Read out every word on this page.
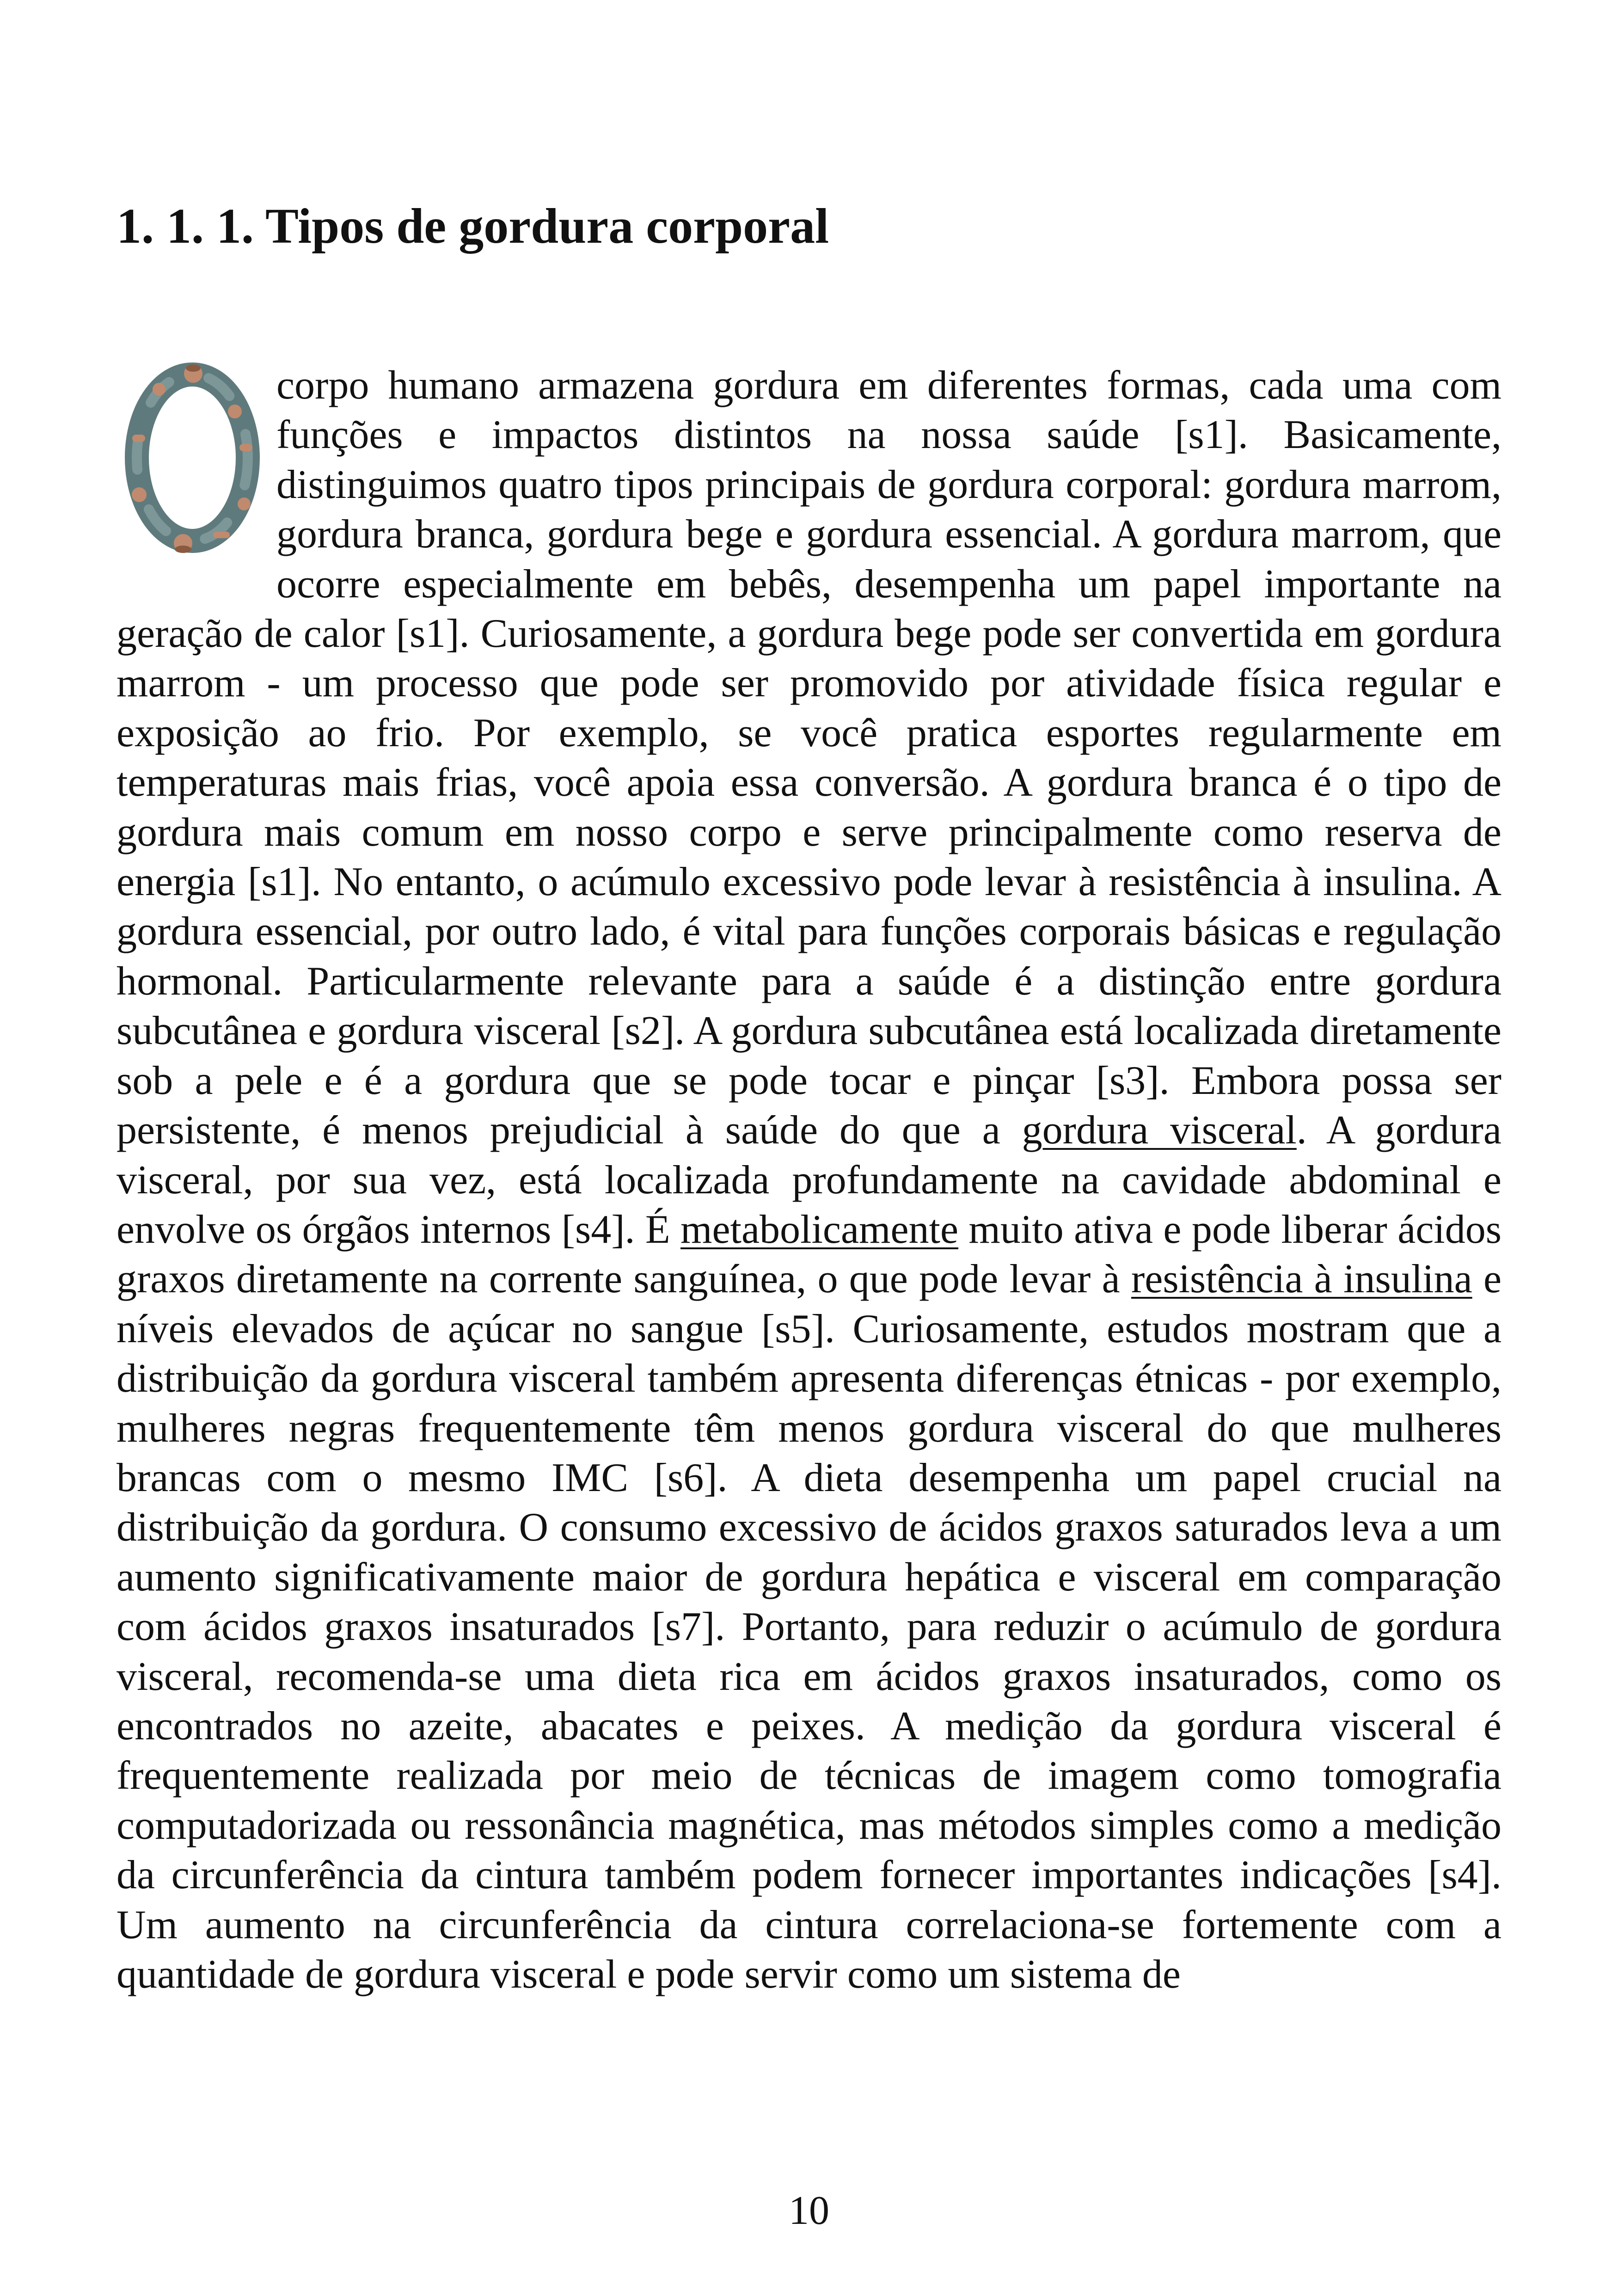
1. 1. 1. Tipos de gordura corporal

corpo humano armazena gordura em diferentes formas, cada uma com funções e impactos distintos na nossa saúde [s1]. Basicamente, distinguimos quatro tipos principais de gordura corporal: gordura marrom, gordura branca, gordura bege e gordura essencial. A gordura marrom, que ocorre especialmente em bebês, desempenha um papel importante na geração de calor [s1]. Curiosamente, a gordura bege pode ser convertida em gordura marrom - um processo que pode ser promovido por atividade física regular e exposição ao frio. Por exemplo, se você pratica esportes regularmente em temperaturas mais frias, você apoia essa conversão. A gordura branca é o tipo de gordura mais comum em nosso corpo e serve principalmente como reserva de energia [s1]. No entanto, o acúmulo excessivo pode levar à resistência à insulina. A gordura essencial, por outro lado, é vital para funções corporais básicas e regulação hormonal. Particularmente relevante para a saúde é a distinção entre gordura subcutânea e gordura visceral [s2]. A gordura subcutânea está localizada diretamente sob a pele e é a gordura que se pode tocar e pinçar [s3]. Embora possa ser persistente, é menos prejudicial à saúde do que a gordura visceral. A gordura visceral, por sua vez, está localizada profundamente na cavidade abdominal e envolve os órgãos internos [s4]. É metabolicamente muito ativa e pode liberar ácidos graxos diretamente na corrente sanguínea, o que pode levar à resistência à insulina e níveis elevados de açúcar no sangue [s5]. Curiosamente, estudos mostram que a distribuição da gordura visceral também apresenta diferenças étnicas - por exemplo, mulheres negras frequentemente têm menos gordura visceral do que mulheres brancas com o mesmo IMC [s6]. A dieta desempenha um papel crucial na distribuição da gordura. O consumo excessivo de ácidos graxos saturados leva a um aumento significativamente maior de gordura hepática e visceral em comparação com ácidos graxos insaturados [s7]. Portanto, para reduzir o acúmulo de gordura visceral, recomenda-se uma dieta rica em ácidos graxos insaturados, como os encontrados no azeite, abacates e peixes. A medição da gordura visceral é frequentemente realizada por meio de técnicas de imagem como tomografia computadorizada ou ressonância magnética, mas métodos simples como a medição da circunferência da cintura também podem fornecer importantes indicações [s4]. Um aumento na circunferência da cintura correlaciona-se fortemente com a quantidade de gordura visceral e pode servir como um sistema de

10
